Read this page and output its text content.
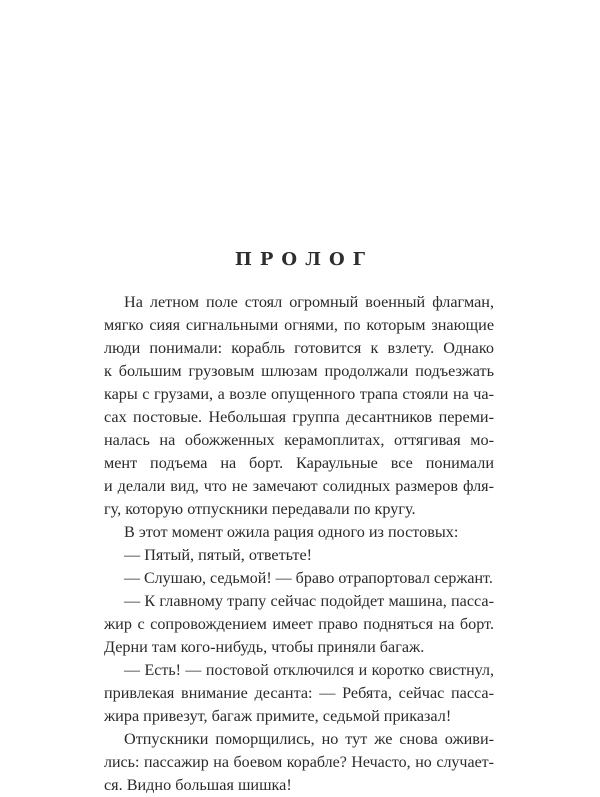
ПРОЛОГ
На летном поле стоял огромный военный флагман,
мягко сияя сигнальными огнями, по которым знающие
люди понимали: корабль готовится к взлету. Однако
к большим грузовым шлюзам продолжали подъезжать
кары с грузами, а возле опущенного трапа стояли на ча-
сах постовые. Небольшая группа десантников переми-
налась на обожженных керамоплитах, оттягивая мо-
мент подъема на борт. Караульные все понимали
и делали вид, что не замечают солидных размеров фля-
гу, которую отпускники передавали по кругу.
В этот момент ожила рация одного из постовых:
— Пятый, пятый, ответьте!
— Слушаю, седьмой! — браво отрапортовал сержант.
— К главному трапу сейчас подойдет машина, пасса-
жир с сопровождением имеет право подняться на борт.
Дерни там кого-нибудь, чтобы приняли багаж.
— Есть! — постовой отключился и коротко свистнул,
привлекая внимание десанта: — Ребята, сейчас пасса-
жира привезут, багаж примите, седьмой приказал!
Отпускники поморщились, но тут же снова оживи-
лись: пассажир на боевом корабле? Нечасто, но случает-
ся. Видно большая шишка!
